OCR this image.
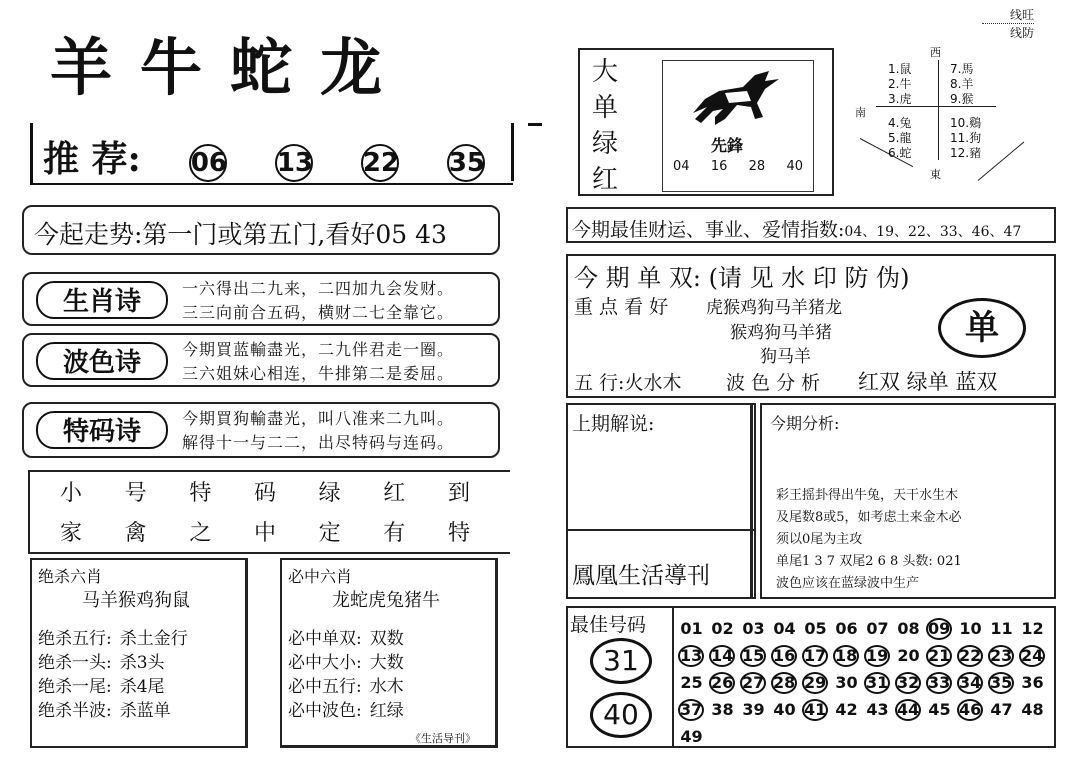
线旺
线防
羊牛蛇龙
推 荐: 06 13 22 35
今起走势:第一门或第五门,看好05 43
生肖诗	一六得出二九来，二四加九会发财。
三三向前合五码，横财二七全靠它。
波色诗	今期買蓝輸盡光，二九伴君走一圈。
三六姐妹心相连，牛排第二是委屈。
特码诗	今期買狗輸盡光，叫八准来二九叫。
解得十一与二二，出尽特码与连码。
小 号 特 码 绿 红 到
家 禽 之 中 定 有 特
绝杀六肖
马羊猴鸡狗鼠
绝杀五行: 杀土金行
绝杀一头: 杀3头
绝杀一尾: 杀4尾
绝杀半波: 杀蓝单
必中六肖
龙蛇虎兔猪牛
必中单双: 双数
必中大小: 大数
必中五行: 水木
必中波色: 红绿
《生活导刊》
大
单
绿
红
先鋒
04 16 28 40
西
南
東
1.鼠	7.馬
2.牛	8.羊
3.虎	9.猴
4.兔	10.鷄
5.龍	11.狗
6.蛇	12.豬
今期最佳财运、事业、爱情指数:04、19、22、33、46、47
今 期 单 双: (请 见 水 印 防 伪)
重 点 看 好 虎猴鸡狗马羊猪龙
猴鸡狗马羊猪
狗马羊
单
五 行:火水木 波 色 分 析 红双 绿单 蓝双
上期解说:
鳳凰生活導刊
今期分析:
彩王摇卦得出牛兔，天干水生木
及尾数8或5，如考虑土来金木必
须以0尾为主攻
单尾1 3 7 双尾2 6 8 头数: 021
波色应该在蓝绿波中生产
最佳号码
31
40
01 02 03 04 05 06 07 08 09 10 11 12
13 14 15 16 17 18 19 20 21 22 23 24
25 26 27 28 29 30 31 32 33 34 35 36
37 38 39 40 41 42 43 44 45 46 47 48
49
